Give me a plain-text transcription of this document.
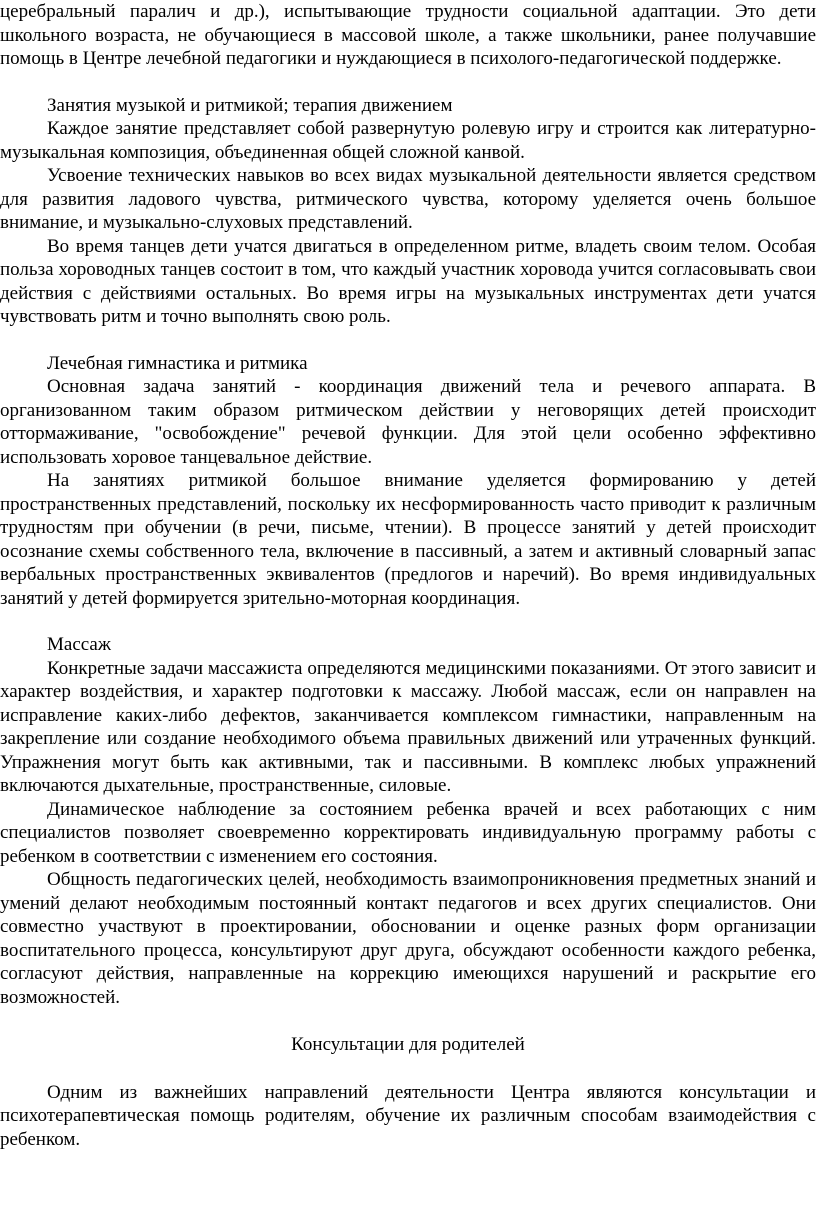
церебральный паралич и др.), испытывающие трудности социальной адаптации. Это дети школьного возраста, не обучающиеся в массовой школе, а также школьники, ранее получавшие помощь в Центре лечебной педагогики и нуждающиеся в психолого-педагогической поддержке.

Занятия музыкой и ритмикой; терапия движением

Каждое занятие представляет собой развернутую ролевую игру и строится как литературно-музыкальная композиция, объединенная общей сложной канвой.

Усвоение технических навыков во всех видах музыкальной деятельности является средством для развития ладового чувства, ритмического чувства, которому уделяется очень большое внимание, и музыкально-слуховых представлений.

Во время танцев дети учатся двигаться в определенном ритме, владеть своим телом. Особая польза хороводных танцев состоит в том, что каждый участник хоровода учится согласовывать свои действия с действиями остальных. Во время игры на музыкальных инструментах дети учатся чувствовать ритм и точно выполнять свою роль.

Лечебная гимнастика и ритмика

Основная задача занятий - координация движений тела и речевого аппарата. В организованном таким образом ритмическом действии у неговорящих детей происходит оттормаживание, "освобождение" речевой функции. Для этой цели особенно эффективно использовать хоровое танцевальное действие.

На занятиях ритмикой большое внимание уделяется формированию у детей пространственных представлений, поскольку их несформированность часто приводит к различным трудностям при обучении (в речи, письме, чтении). В процессе занятий у детей происходит осознание схемы собственного тела, включение в пассивный, а затем и активный словарный запас вербальных пространственных эквивалентов (предлогов и наречий). Во время индивидуальных занятий у детей формируется зрительно-моторная координация.

Массаж

Конкретные задачи массажиста определяются медицинскими показаниями. От этого зависит и характер воздействия, и характер подготовки к массажу. Любой массаж, если он направлен на исправление каких-либо дефектов, заканчивается комплексом гимнастики, направленным на закрепление или создание необходимого объема правильных движений или утраченных функций. Упражнения могут быть как активными, так и пассивными. В комплекс любых упражнений включаются дыхательные, пространственные, силовые.

Динамическое наблюдение за состоянием ребенка врачей и всех работающих с ним специалистов позволяет своевременно корректировать индивидуальную программу работы с ребенком в соответствии с изменением его состояния.

Общность педагогических целей, необходимость взаимопроникновения предметных знаний и умений делают необходимым постоянный контакт педагогов и всех других специалистов. Они совместно участвуют в проектировании, обосновании и оценке разных форм организации воспитательного процесса, консультируют друг друга, обсуждают особенности каждого ребенка, согласуют действия, направленные на коррекцию имеющихся нарушений и раскрытие его возможностей.

Консультации для родителей

Одним из важнейших направлений деятельности Центра являются консультации и психотерапевтическая помощь родителям, обучение их различным способам взаимодействия с ребенком.
